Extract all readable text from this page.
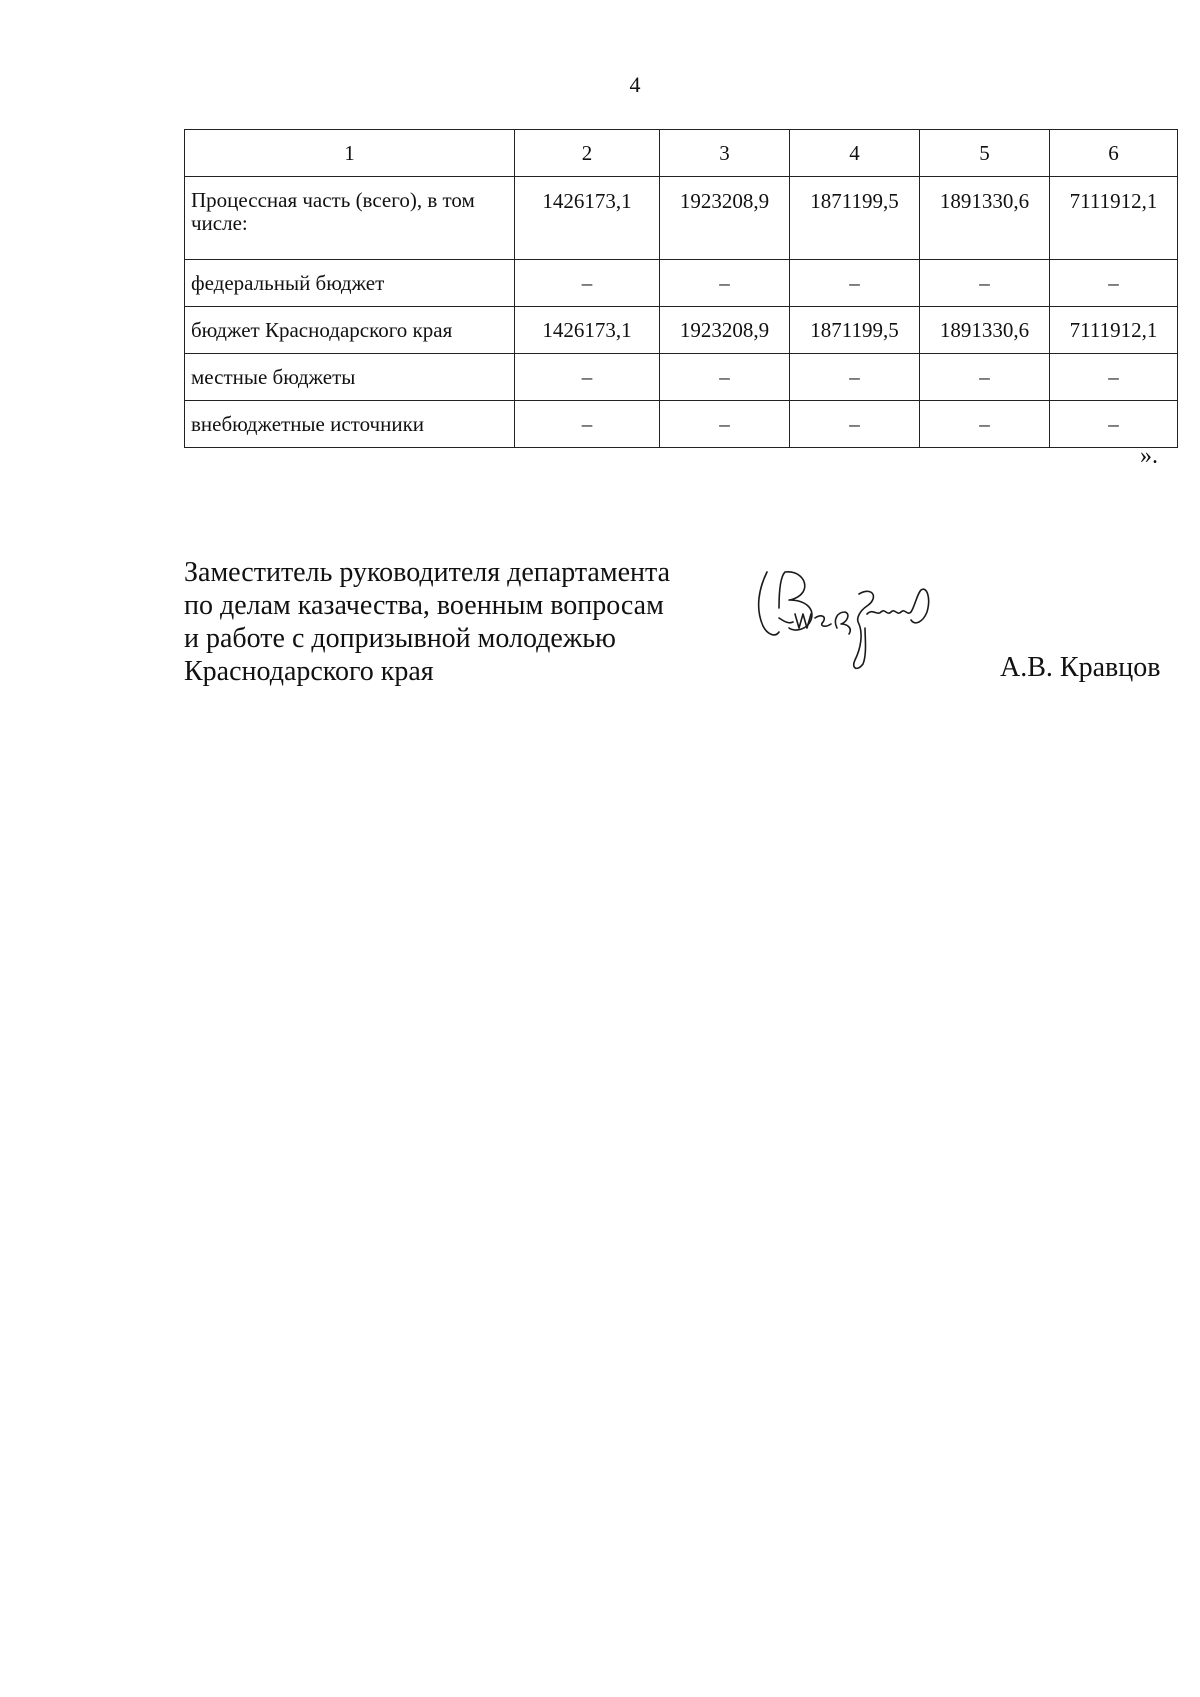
4
1	2	3	4	5	6
Процессная часть (всего), в том числе:	1426173,1	1923208,9	1871199,5	1891330,6	7111912,1
федеральный бюджет	–	–	–	–	–
бюджет Краснодарского края	1426173,1	1923208,9	1871199,5	1891330,6	7111912,1
местные бюджеты	–	–	–	–	–
внебюджетные источники	–	–	–	–	–
».
Заместитель руководителя департамента
по делам казачества, военным вопросам
и работе с допризывной молодежью
Краснодарского края	А.В. Кравцов
